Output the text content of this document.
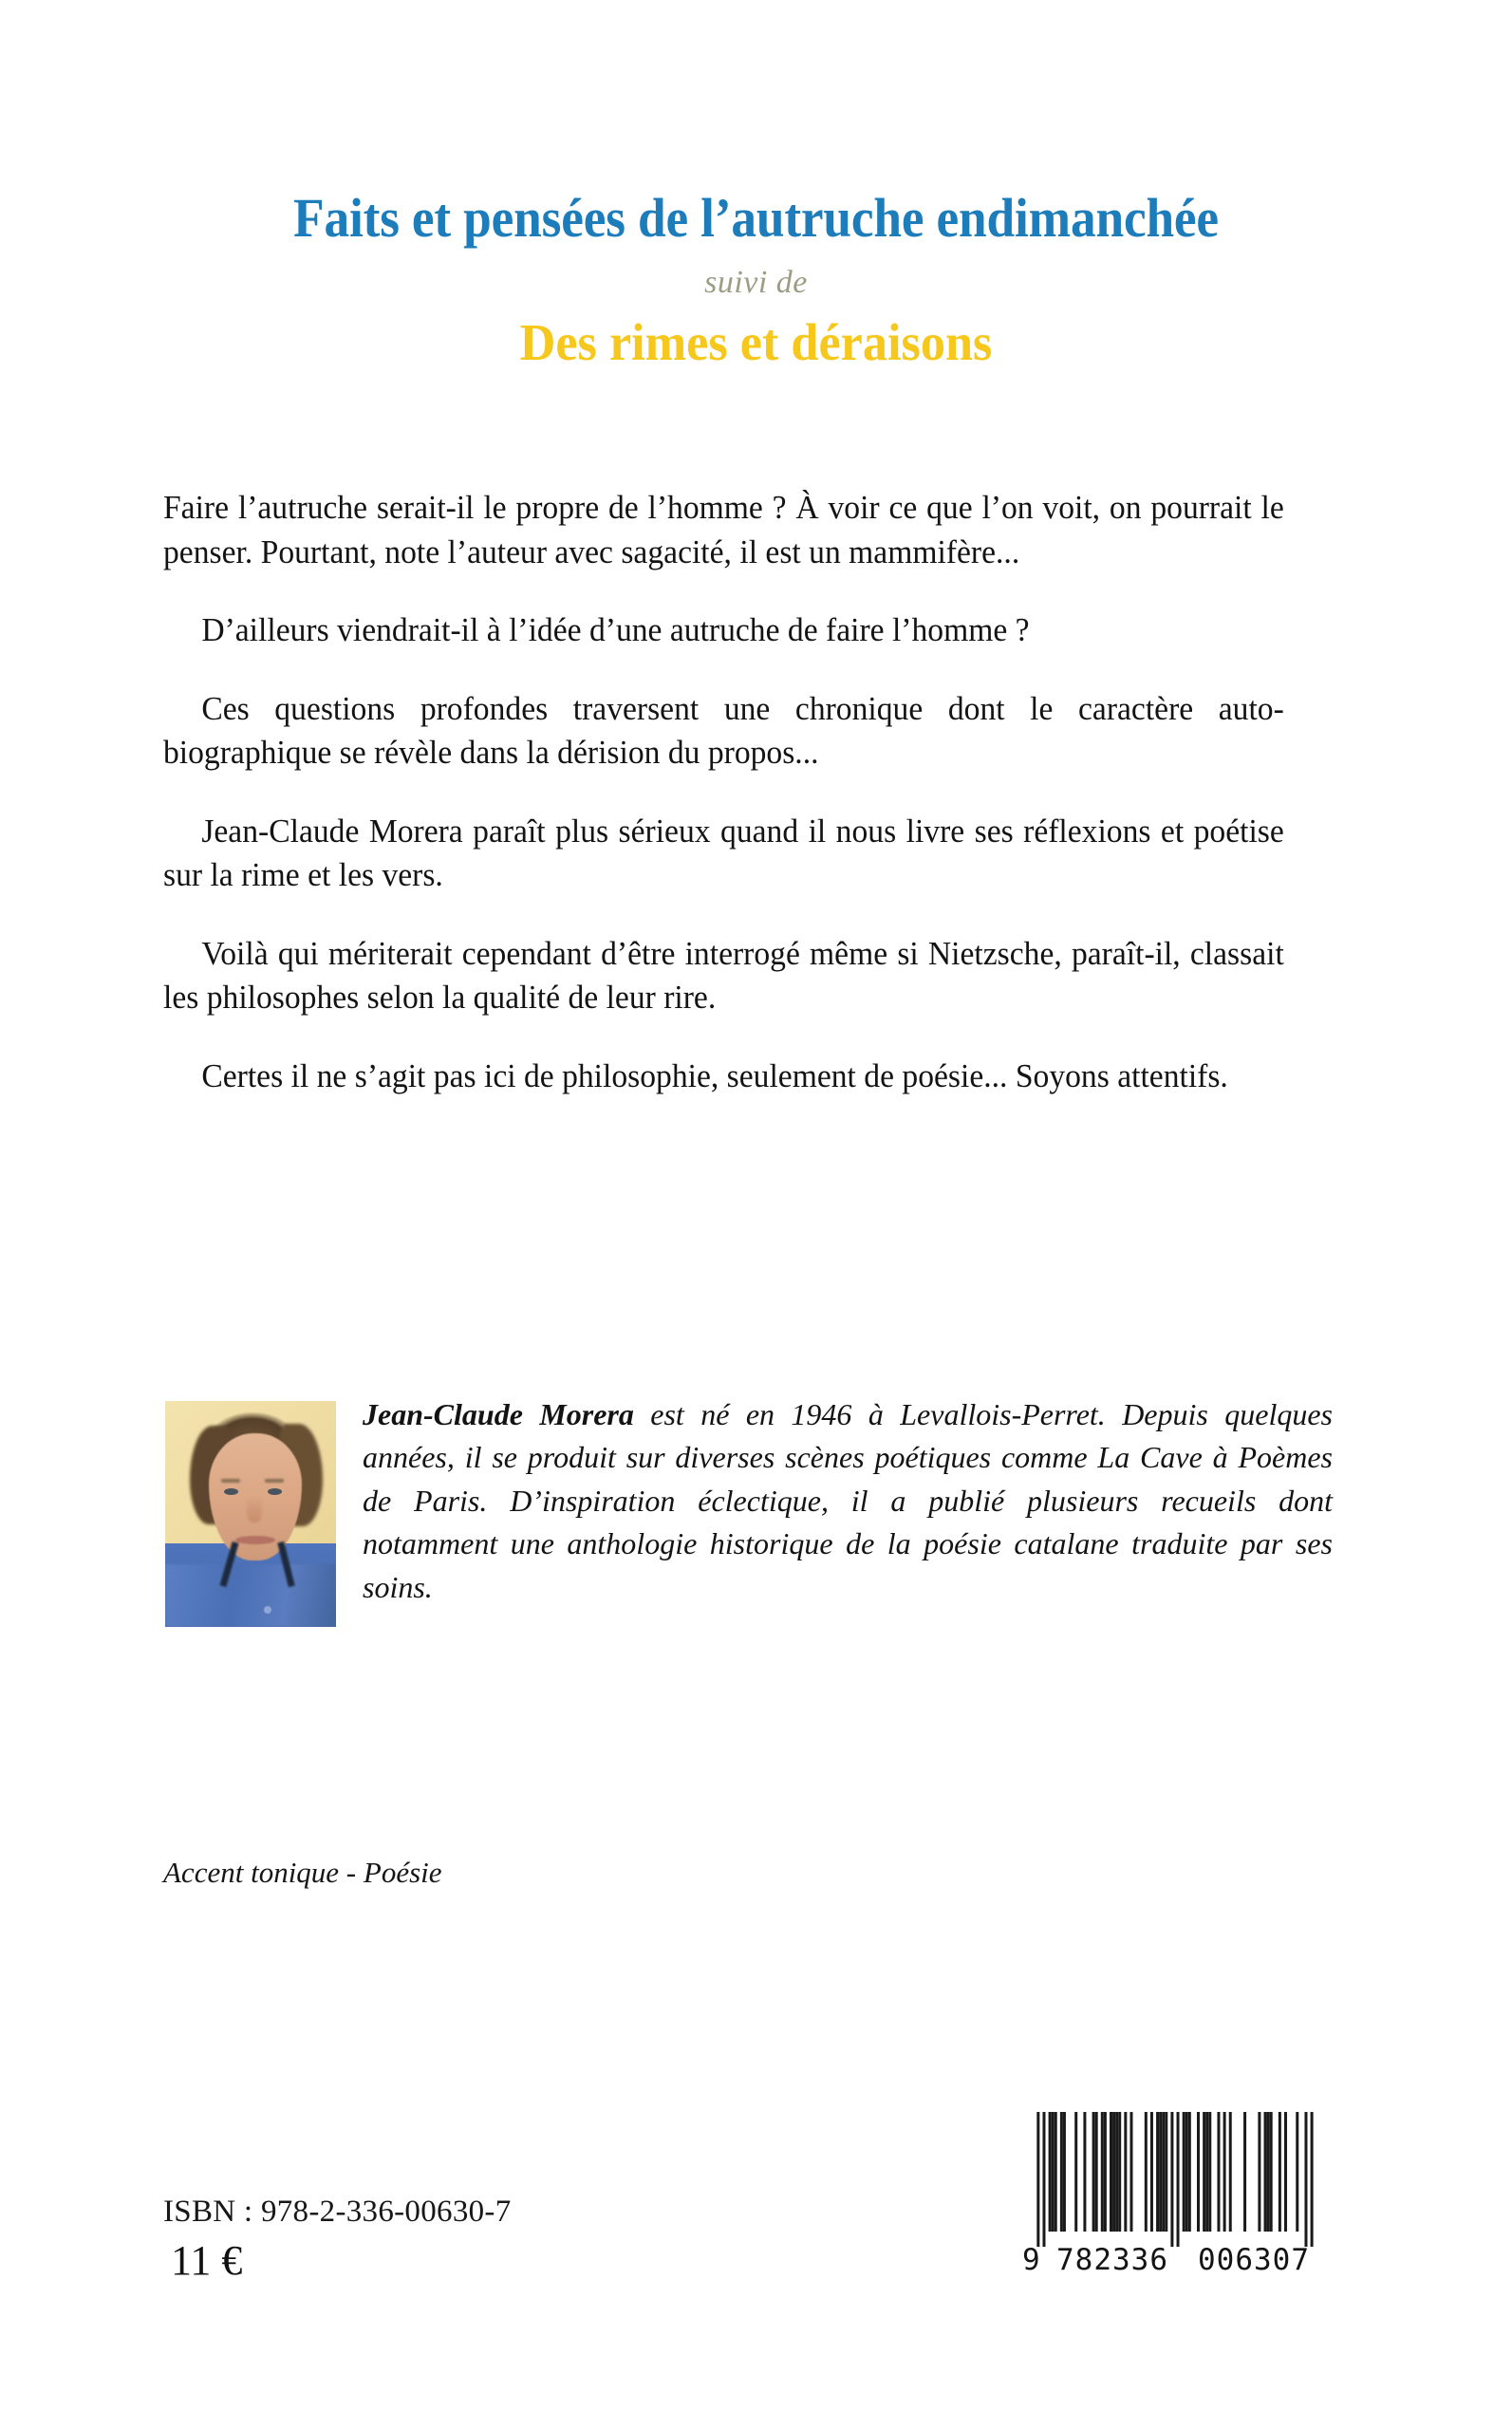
Faits et pensées de l’autruche endimanchée
suivi de
Des rimes et déraisons

Faire l’autruche serait-il le propre de l’homme ? À voir ce que l’on voit, on pourrait le penser. Pourtant, note l’auteur avec sagacité, il est un mammifère...

D’ailleurs viendrait-il à l’idée d’une autruche de faire l’homme ?

Ces questions profondes traversent une chronique dont le caractère auto-biographique se révèle dans la dérision du propos...

Jean-Claude Morera paraît plus sérieux quand il nous livre ses réflexions et poétise sur la rime et les vers.

Voilà qui mériterait cependant d’être interrogé même si Nietzsche, paraît-il, classait les philosophes selon la qualité de leur rire.

Certes il ne s’agit pas ici de philosophie, seulement de poésie... Soyons attentifs.

Jean-Claude Morera est né en 1946 à Levallois-Perret. Depuis quelques années, il se produit sur diverses scènes poétiques comme La Cave à Poèmes de Paris. D’inspiration éclectique, il a publié plusieurs recueils dont notamment une anthologie historique de la poésie catalane traduite par ses soins.
Accent tonique - Poésie
ISBN : 978-2-336-00630-7
11 €	9 782336 006307
